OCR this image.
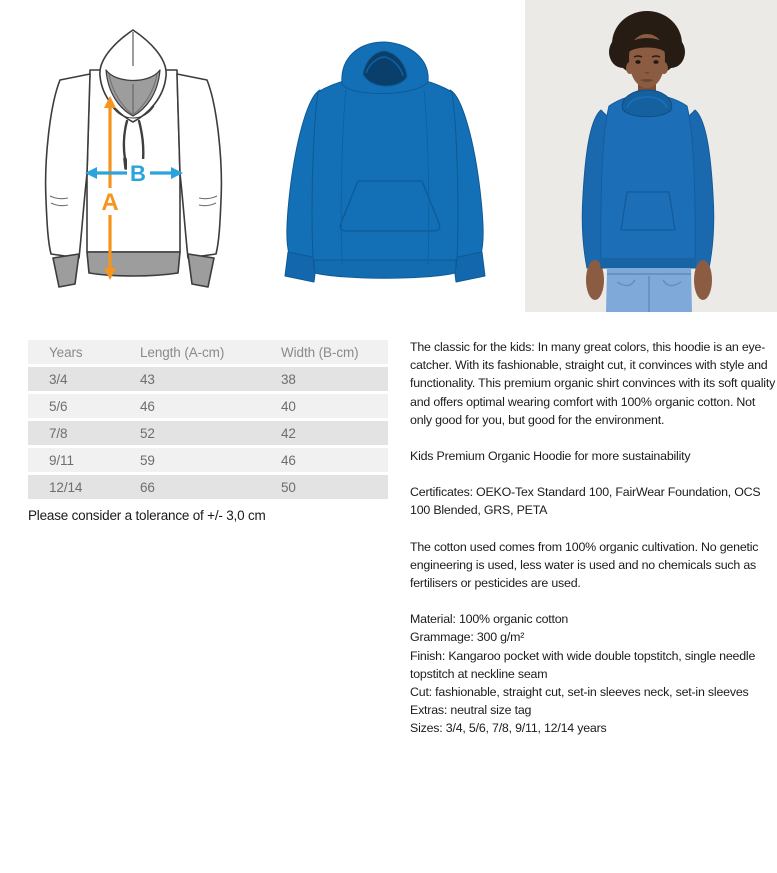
A
B
Years	Length (A-cm)	Width (B-cm)
3/4	43	38
5/6	46	40
7/8	52	42
9/11	59	46
12/14	66	50

Please consider a tolerance of +/- 3,0 cm

The classic for the kids: In many great colors, this hoodie is an eye-catcher. With its fashionable, straight cut, it convinces with style and functionality. This premium organic shirt convinces with its soft quality and offers optimal wearing comfort with 100% organic cotton. Not only good for you, but good for the environment.

Kids Premium Organic Hoodie for more sustainability

Certificates: OEKO-Tex Standard 100, FairWear Foundation, OCS 100 Blended, GRS, PETA

The cotton used comes from 100% organic cultivation. No genetic engineering is used, less water is used and no chemicals such as fertilisers or pesticides are used.

Material: 100% organic cotton
Grammage: 300 g/m²
Finish: Kangaroo pocket with wide double topstitch, single needle topstitch at neckline seam
Cut: fashionable, straight cut, set-in sleeves neck, set-in sleeves
Extras: neutral size tag
Sizes: 3/4, 5/6, 7/8, 9/11, 12/14 years
